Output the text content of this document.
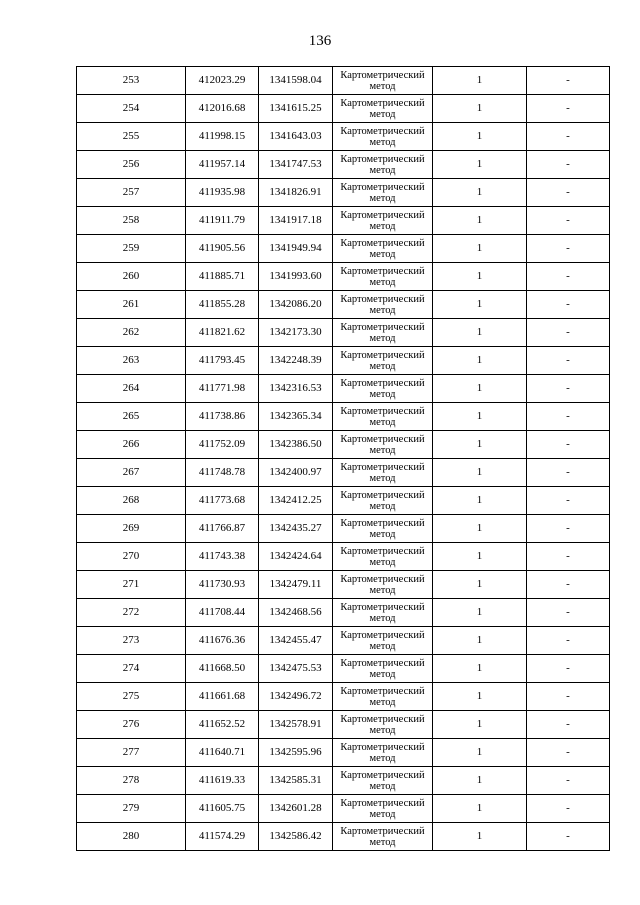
136
253	412023.29	1341598.04	Картометрический метод	1	-
254	412016.68	1341615.25	Картометрический метод	1	-
255	411998.15	1341643.03	Картометрический метод	1	-
256	411957.14	1341747.53	Картометрический метод	1	-
257	411935.98	1341826.91	Картометрический метод	1	-
258	411911.79	1341917.18	Картометрический метод	1	-
259	411905.56	1341949.94	Картометрический метод	1	-
260	411885.71	1341993.60	Картометрический метод	1	-
261	411855.28	1342086.20	Картометрический метод	1	-
262	411821.62	1342173.30	Картометрический метод	1	-
263	411793.45	1342248.39	Картометрический метод	1	-
264	411771.98	1342316.53	Картометрический метод	1	-
265	411738.86	1342365.34	Картометрический метод	1	-
266	411752.09	1342386.50	Картометрический метод	1	-
267	411748.78	1342400.97	Картометрический метод	1	-
268	411773.68	1342412.25	Картометрический метод	1	-
269	411766.87	1342435.27	Картометрический метод	1	-
270	411743.38	1342424.64	Картометрический метод	1	-
271	411730.93	1342479.11	Картометрический метод	1	-
272	411708.44	1342468.56	Картометрический метод	1	-
273	411676.36	1342455.47	Картометрический метод	1	-
274	411668.50	1342475.53	Картометрический метод	1	-
275	411661.68	1342496.72	Картометрический метод	1	-
276	411652.52	1342578.91	Картометрический метод	1	-
277	411640.71	1342595.96	Картометрический метод	1	-
278	411619.33	1342585.31	Картометрический метод	1	-
279	411605.75	1342601.28	Картометрический метод	1	-
280	411574.29	1342586.42	Картометрический метод	1	-
